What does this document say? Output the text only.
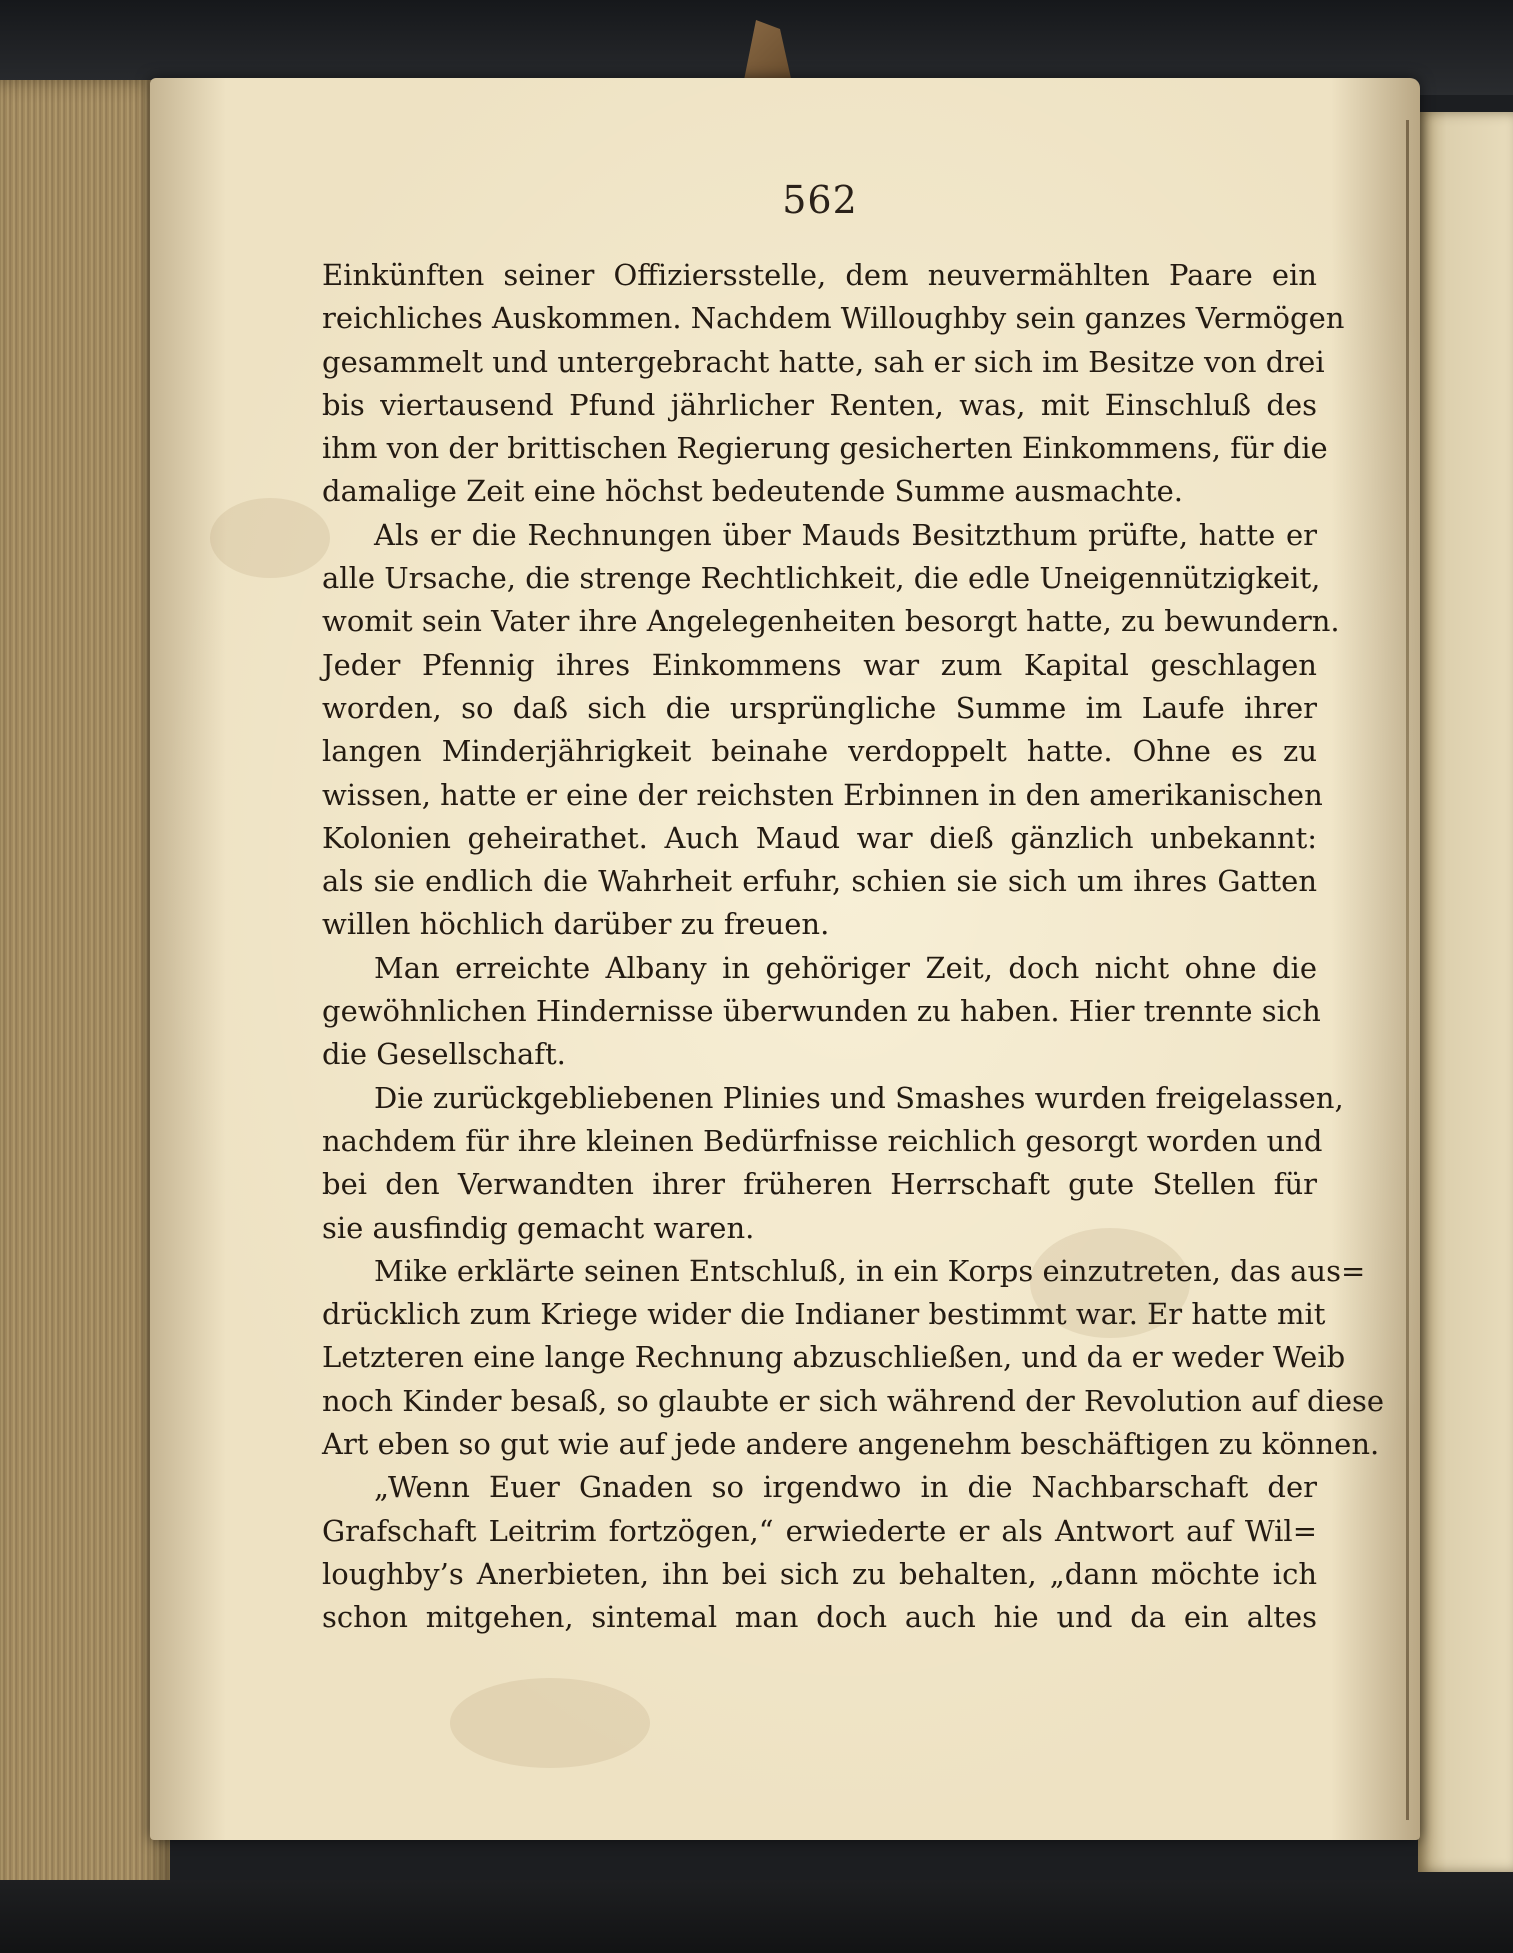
562
Einkünften seiner Offiziersstelle, dem neuvermählten Paare ein
reichliches Auskommen. Nachdem Willoughby sein ganzes Vermögen
gesammelt und untergebracht hatte, sah er sich im Besitze von drei
bis viertausend Pfund jährlicher Renten, was, mit Einschluß des
ihm von der brittischen Regierung gesicherten Einkommens, für die
damalige Zeit eine höchst bedeutende Summe ausmachte.
Als er die Rechnungen über Mauds Besitzthum prüfte, hatte er
alle Ursache, die strenge Rechtlichkeit, die edle Uneigennützigkeit,
womit sein Vater ihre Angelegenheiten besorgt hatte, zu bewundern.
Jeder Pfennig ihres Einkommens war zum Kapital geschlagen
worden, so daß sich die ursprüngliche Summe im Laufe ihrer
langen Minderjährigkeit beinahe verdoppelt hatte. Ohne es zu
wissen, hatte er eine der reichsten Erbinnen in den amerikanischen
Kolonien geheirathet. Auch Maud war dieß gänzlich unbekannt:
als sie endlich die Wahrheit erfuhr, schien sie sich um ihres Gatten
willen höchlich darüber zu freuen.
Man erreichte Albany in gehöriger Zeit, doch nicht ohne die
gewöhnlichen Hindernisse überwunden zu haben. Hier trennte sich
die Gesellschaft.
Die zurückgebliebenen Plinies und Smashes wurden freigelassen,
nachdem für ihre kleinen Bedürfnisse reichlich gesorgt worden und
bei den Verwandten ihrer früheren Herrschaft gute Stellen für
sie ausfindig gemacht waren.
Mike erklärte seinen Entschluß, in ein Korps einzutreten, das aus=
drücklich zum Kriege wider die Indianer bestimmt war. Er hatte mit
Letzteren eine lange Rechnung abzuschließen, und da er weder Weib
noch Kinder besaß, so glaubte er sich während der Revolution auf diese
Art eben so gut wie auf jede andere angenehm beschäftigen zu können.
„Wenn Euer Gnaden so irgendwo in die Nachbarschaft der
Grafschaft Leitrim fortzögen,“ erwiederte er als Antwort auf Wil=
loughby’s Anerbieten, ihn bei sich zu behalten, „dann möchte ich
schon mitgehen, sintemal man doch auch hie und da ein altes
